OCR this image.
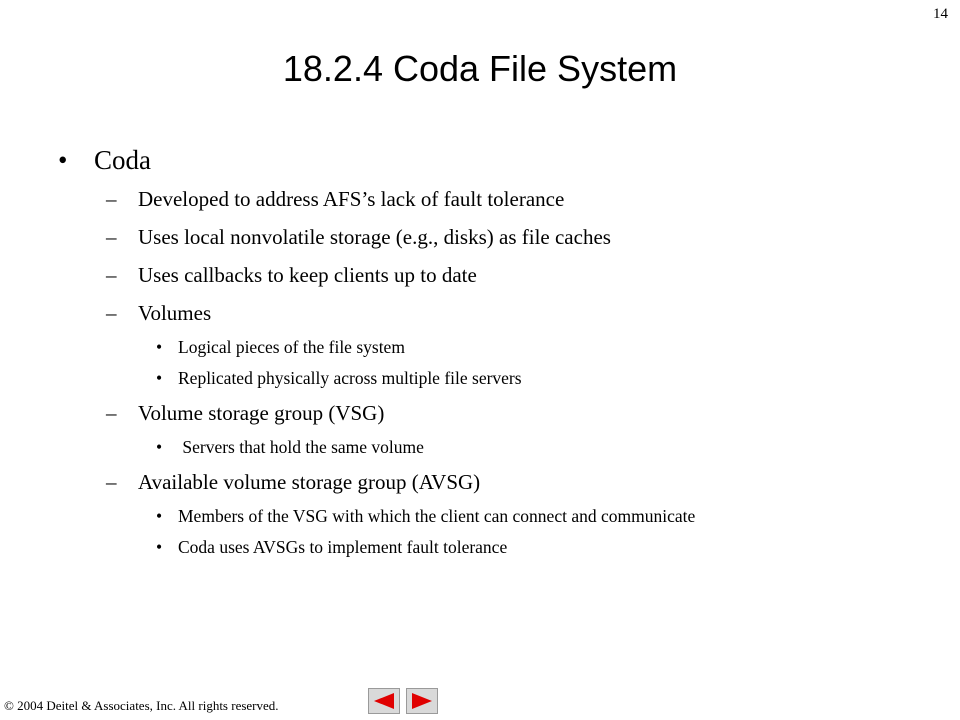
14
18.2.4 Coda File System
• Coda
– Developed to address AFS’s lack of fault tolerance
– Uses local nonvolatile storage (e.g., disks) as file caches
– Uses callbacks to keep clients up to date
– Volumes
• Logical pieces of the file system
• Replicated physically across multiple file servers
– Volume storage group (VSG)
• Servers that hold the same volume
– Available volume storage group (AVSG)
• Members of the VSG with which the client can connect and communicate
• Coda uses AVSGs to implement fault tolerance
© 2004 Deitel & Associates, Inc. All rights reserved.
